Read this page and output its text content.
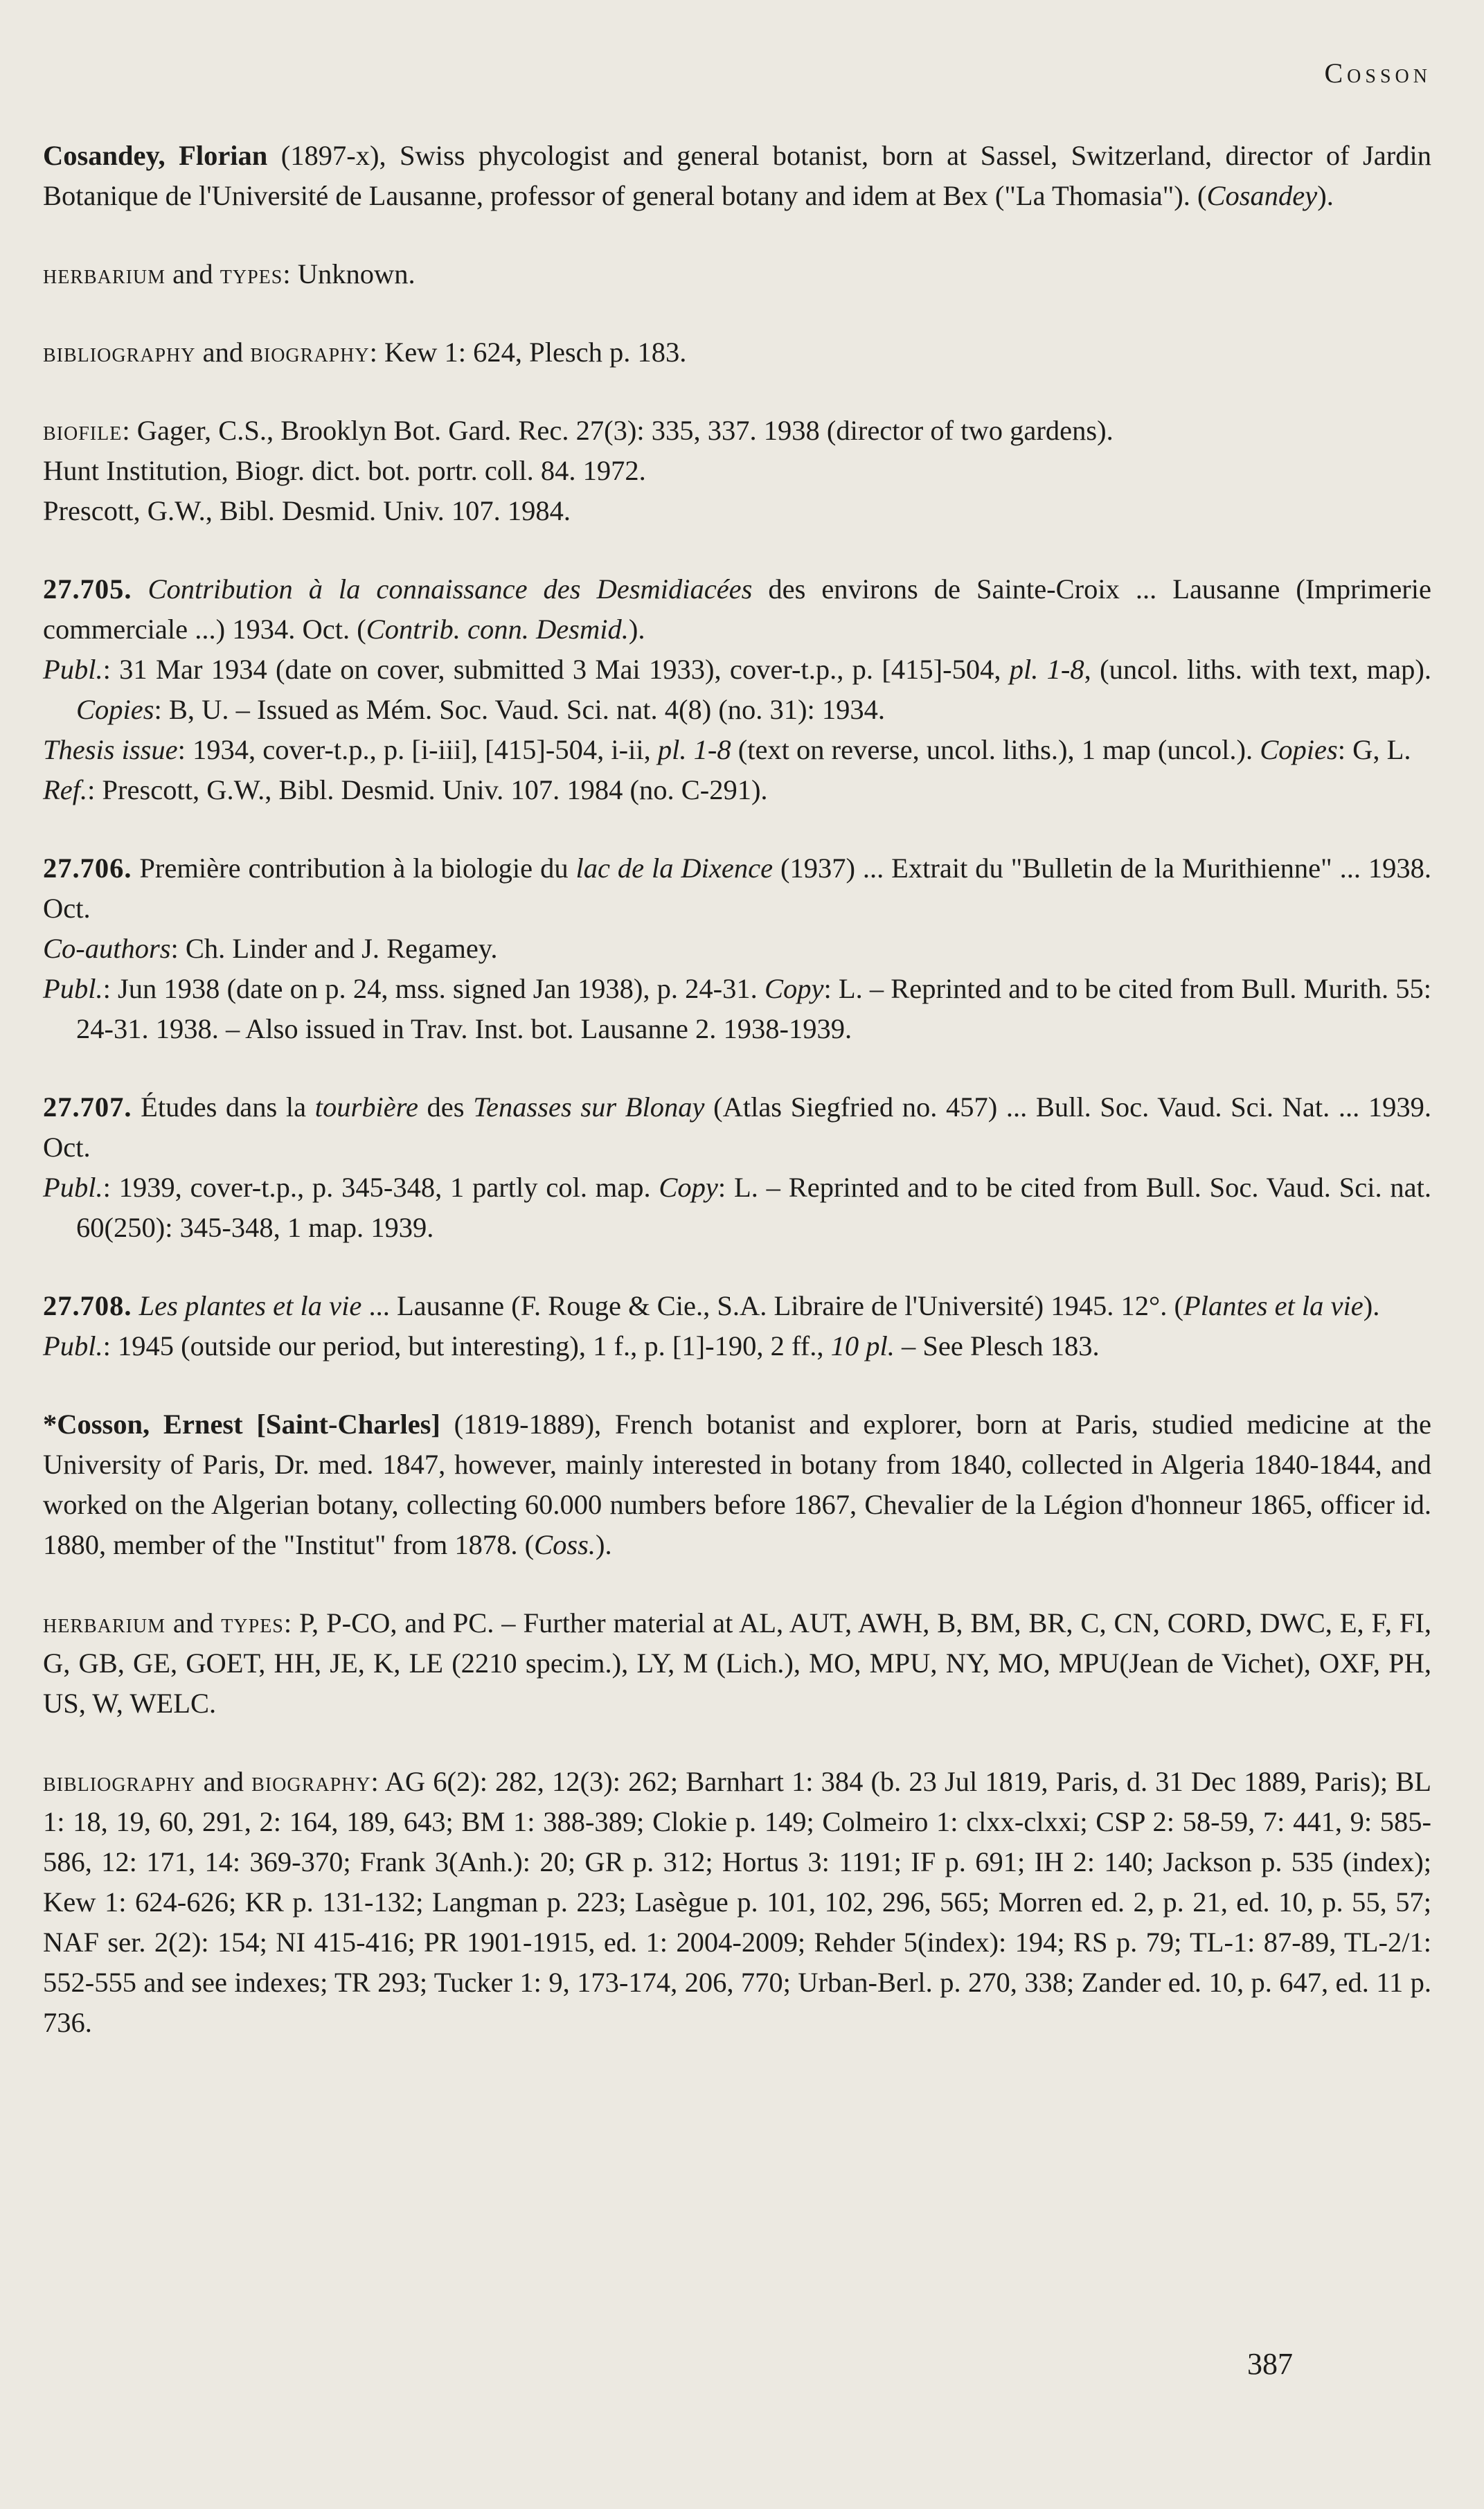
Cosson

Cosandey, Florian (1897-x), Swiss phycologist and general botanist, born at Sassel, Switzerland, director of Jardin Botanique de l'Université de Lausanne, professor of general botany and idem at Bex ("La Thomasia"). (Cosandey).

herbarium and types: Unknown.

bibliography and biography: Kew 1: 624, Plesch p. 183.

biofile: Gager, C.S., Brooklyn Bot. Gard. Rec. 27(3): 335, 337. 1938 (director of two gardens).

Hunt Institution, Biogr. dict. bot. portr. coll. 84. 1972.

Prescott, G.W., Bibl. Desmid. Univ. 107. 1984.

27.705. Contribution à la connaissance des Desmidiacées des environs de Sainte-Croix ... Lausanne (Imprimerie commerciale ...) 1934. Oct. (Contrib. conn. Desmid.).

Publ.: 31 Mar 1934 (date on cover, submitted 3 Mai 1933), cover-t.p., p. [415]-504, pl. 1-8, (uncol. liths. with text, map). Copies: B, U. – Issued as Mém. Soc. Vaud. Sci. nat. 4(8) (no. 31): 1934.

Thesis issue: 1934, cover-t.p., p. [i-iii], [415]-504, i-ii, pl. 1-8 (text on reverse, uncol. liths.), 1 map (uncol.). Copies: G, L.

Ref.: Prescott, G.W., Bibl. Desmid. Univ. 107. 1984 (no. C-291).

27.706. Première contribution à la biologie du lac de la Dixence (1937) ... Extrait du "Bulletin de la Murithienne" ... 1938. Oct.

Co-authors: Ch. Linder and J. Regamey.

Publ.: Jun 1938 (date on p. 24, mss. signed Jan 1938), p. 24-31. Copy: L. – Reprinted and to be cited from Bull. Murith. 55: 24-31. 1938. – Also issued in Trav. Inst. bot. Lausanne 2. 1938-1939.

27.707. Études dans la tourbière des Tenasses sur Blonay (Atlas Siegfried no. 457) ... Bull. Soc. Vaud. Sci. Nat. ... 1939. Oct.

Publ.: 1939, cover-t.p., p. 345-348, 1 partly col. map. Copy: L. – Reprinted and to be cited from Bull. Soc. Vaud. Sci. nat. 60(250): 345-348, 1 map. 1939.

27.708. Les plantes et la vie ... Lausanne (F. Rouge & Cie., S.A. Libraire de l'Université) 1945. 12°. (Plantes et la vie).

Publ.: 1945 (outside our period, but interesting), 1 f., p. [1]-190, 2 ff., 10 pl. – See Plesch 183.

*Cosson, Ernest [Saint-Charles] (1819-1889), French botanist and explorer, born at Paris, studied medicine at the University of Paris, Dr. med. 1847, however, mainly interested in botany from 1840, collected in Algeria 1840-1844, and worked on the Algerian botany, collecting 60.000 numbers before 1867, Chevalier de la Légion d'honneur 1865, officer id. 1880, member of the "Institut" from 1878. (Coss.).

herbarium and types: P, P-CO, and PC. – Further material at AL, AUT, AWH, B, BM, BR, C, CN, CORD, DWC, E, F, FI, G, GB, GE, GOET, HH, JE, K, LE (2210 specim.), LY, M (Lich.), MO, MPU, NY, MO, MPU(Jean de Vichet), OXF, PH, US, W, WELC.

bibliography and biography: AG 6(2): 282, 12(3): 262; Barnhart 1: 384 (b. 23 Jul 1819, Paris, d. 31 Dec 1889, Paris); BL 1: 18, 19, 60, 291, 2: 164, 189, 643; BM 1: 388-389; Clokie p. 149; Colmeiro 1: clxx-clxxi; CSP 2: 58-59, 7: 441, 9: 585-586, 12: 171, 14: 369-370; Frank 3(Anh.): 20; GR p. 312; Hortus 3: 1191; IF p. 691; IH 2: 140; Jackson p. 535 (index); Kew 1: 624-626; KR p. 131-132; Langman p. 223; Lasègue p. 101, 102, 296, 565; Morren ed. 2, p. 21, ed. 10, p. 55, 57; NAF ser. 2(2): 154; NI 415-416; PR 1901-1915, ed. 1: 2004-2009; Rehder 5(index): 194; RS p. 79; TL-1: 87-89, TL-2/1: 552-555 and see indexes; TR 293; Tucker 1: 9, 173-174, 206, 770; Urban-Berl. p. 270, 338; Zander ed. 10, p. 647, ed. 11 p. 736.

387
